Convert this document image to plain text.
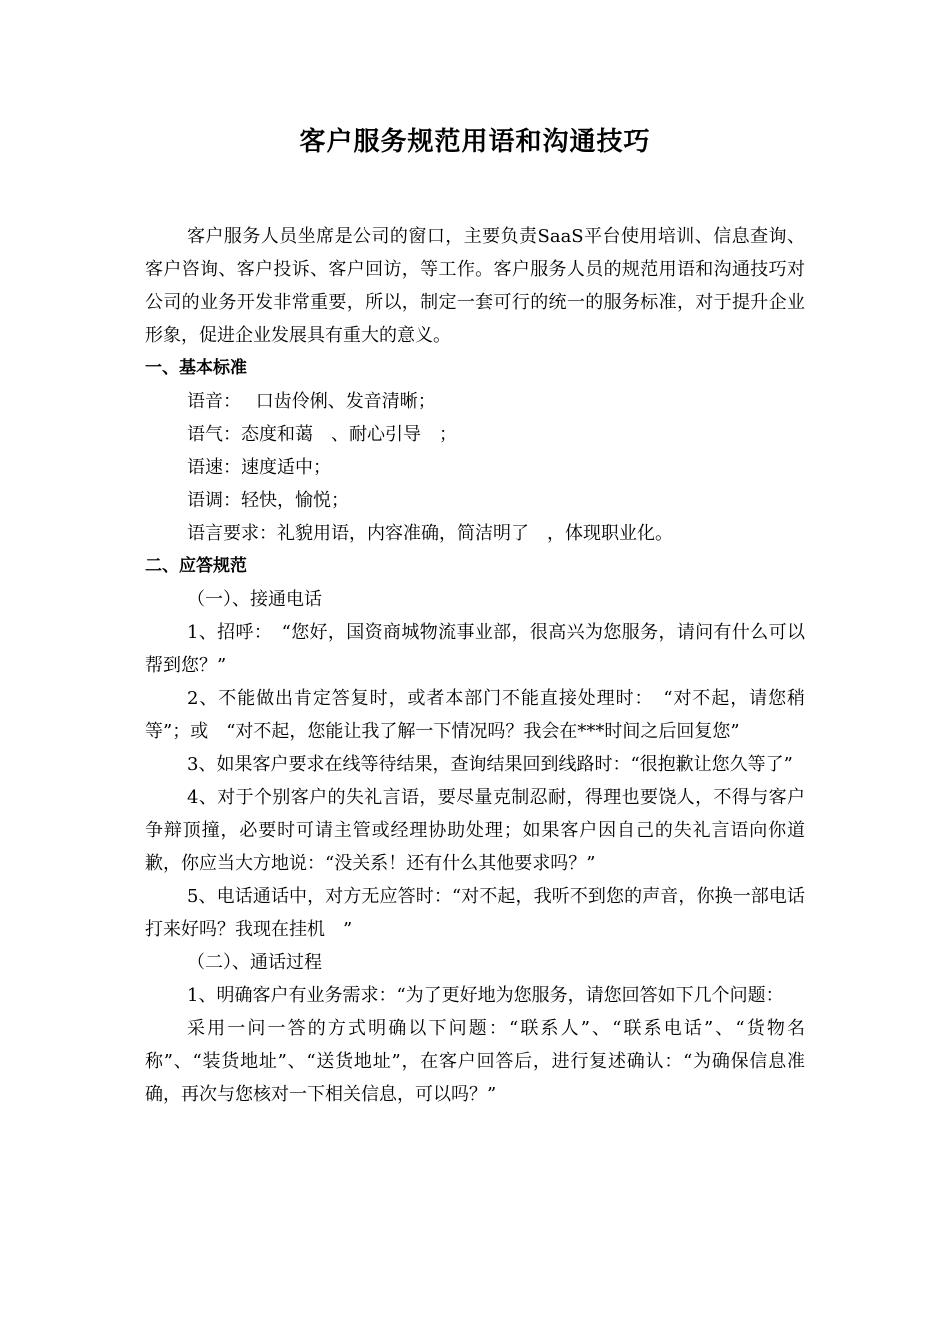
客户服务规范用语和沟通技巧

客户服务人员坐席是公司的窗口，主要负责SaaS平台使用培训、信息查询、客户咨询、客户投诉、客户回访，等工作。客户服务人员的规范用语和沟通技巧对公司的业务开发非常重要，所以，制定一套可行的统一的服务标准，对于提升企业形象，促进企业发展具有重大的意义。

一、基本标准

语音：　 口齿伶俐、发音清晰；

语气：态度和蔼　、耐心引导　；

语速：速度适中；

语调：轻快，愉悦；

语言要求：礼貌用语，内容准确，简洁明了　，体现职业化。

二、应答规范

（一）、接通电话

1、招呼：　“您好，国资商城物流事业部，很高兴为您服务，请问有什么可以帮到您？”

2、不能做出肯定答复时，或者本部门不能直接处理时：　“对不起，请您稍等”；或　“对不起，您能让我了解一下情况吗？我会在***时间之后回复您”

3、如果客户要求在线等待结果，查询结果回到线路时：“很抱歉让您久等了”

4、对于个别客户的失礼言语，要尽量克制忍耐，得理也要饶人，不得与客户争辩顶撞，必要时可请主管或经理协助处理；如果客户因自己的失礼言语向你道歉，你应当大方地说：“没关系！还有什么其他要求吗？”

5、电话通话中，对方无应答时：“对不起，我听不到您的声音，你换一部电话打来好吗？我现在挂机　”

（二）、通话过程

1、明确客户有业务需求：“为了更好地为您服务，请您回答如下几个问题：

采用一问一答的方式明确以下问题：“联系人”、“联系电话”、“货物名称”、“装货地址”、“送货地址”，在客户回答后，进行复述确认：“为确保信息准确，再次与您核对一下相关信息，可以吗？”
